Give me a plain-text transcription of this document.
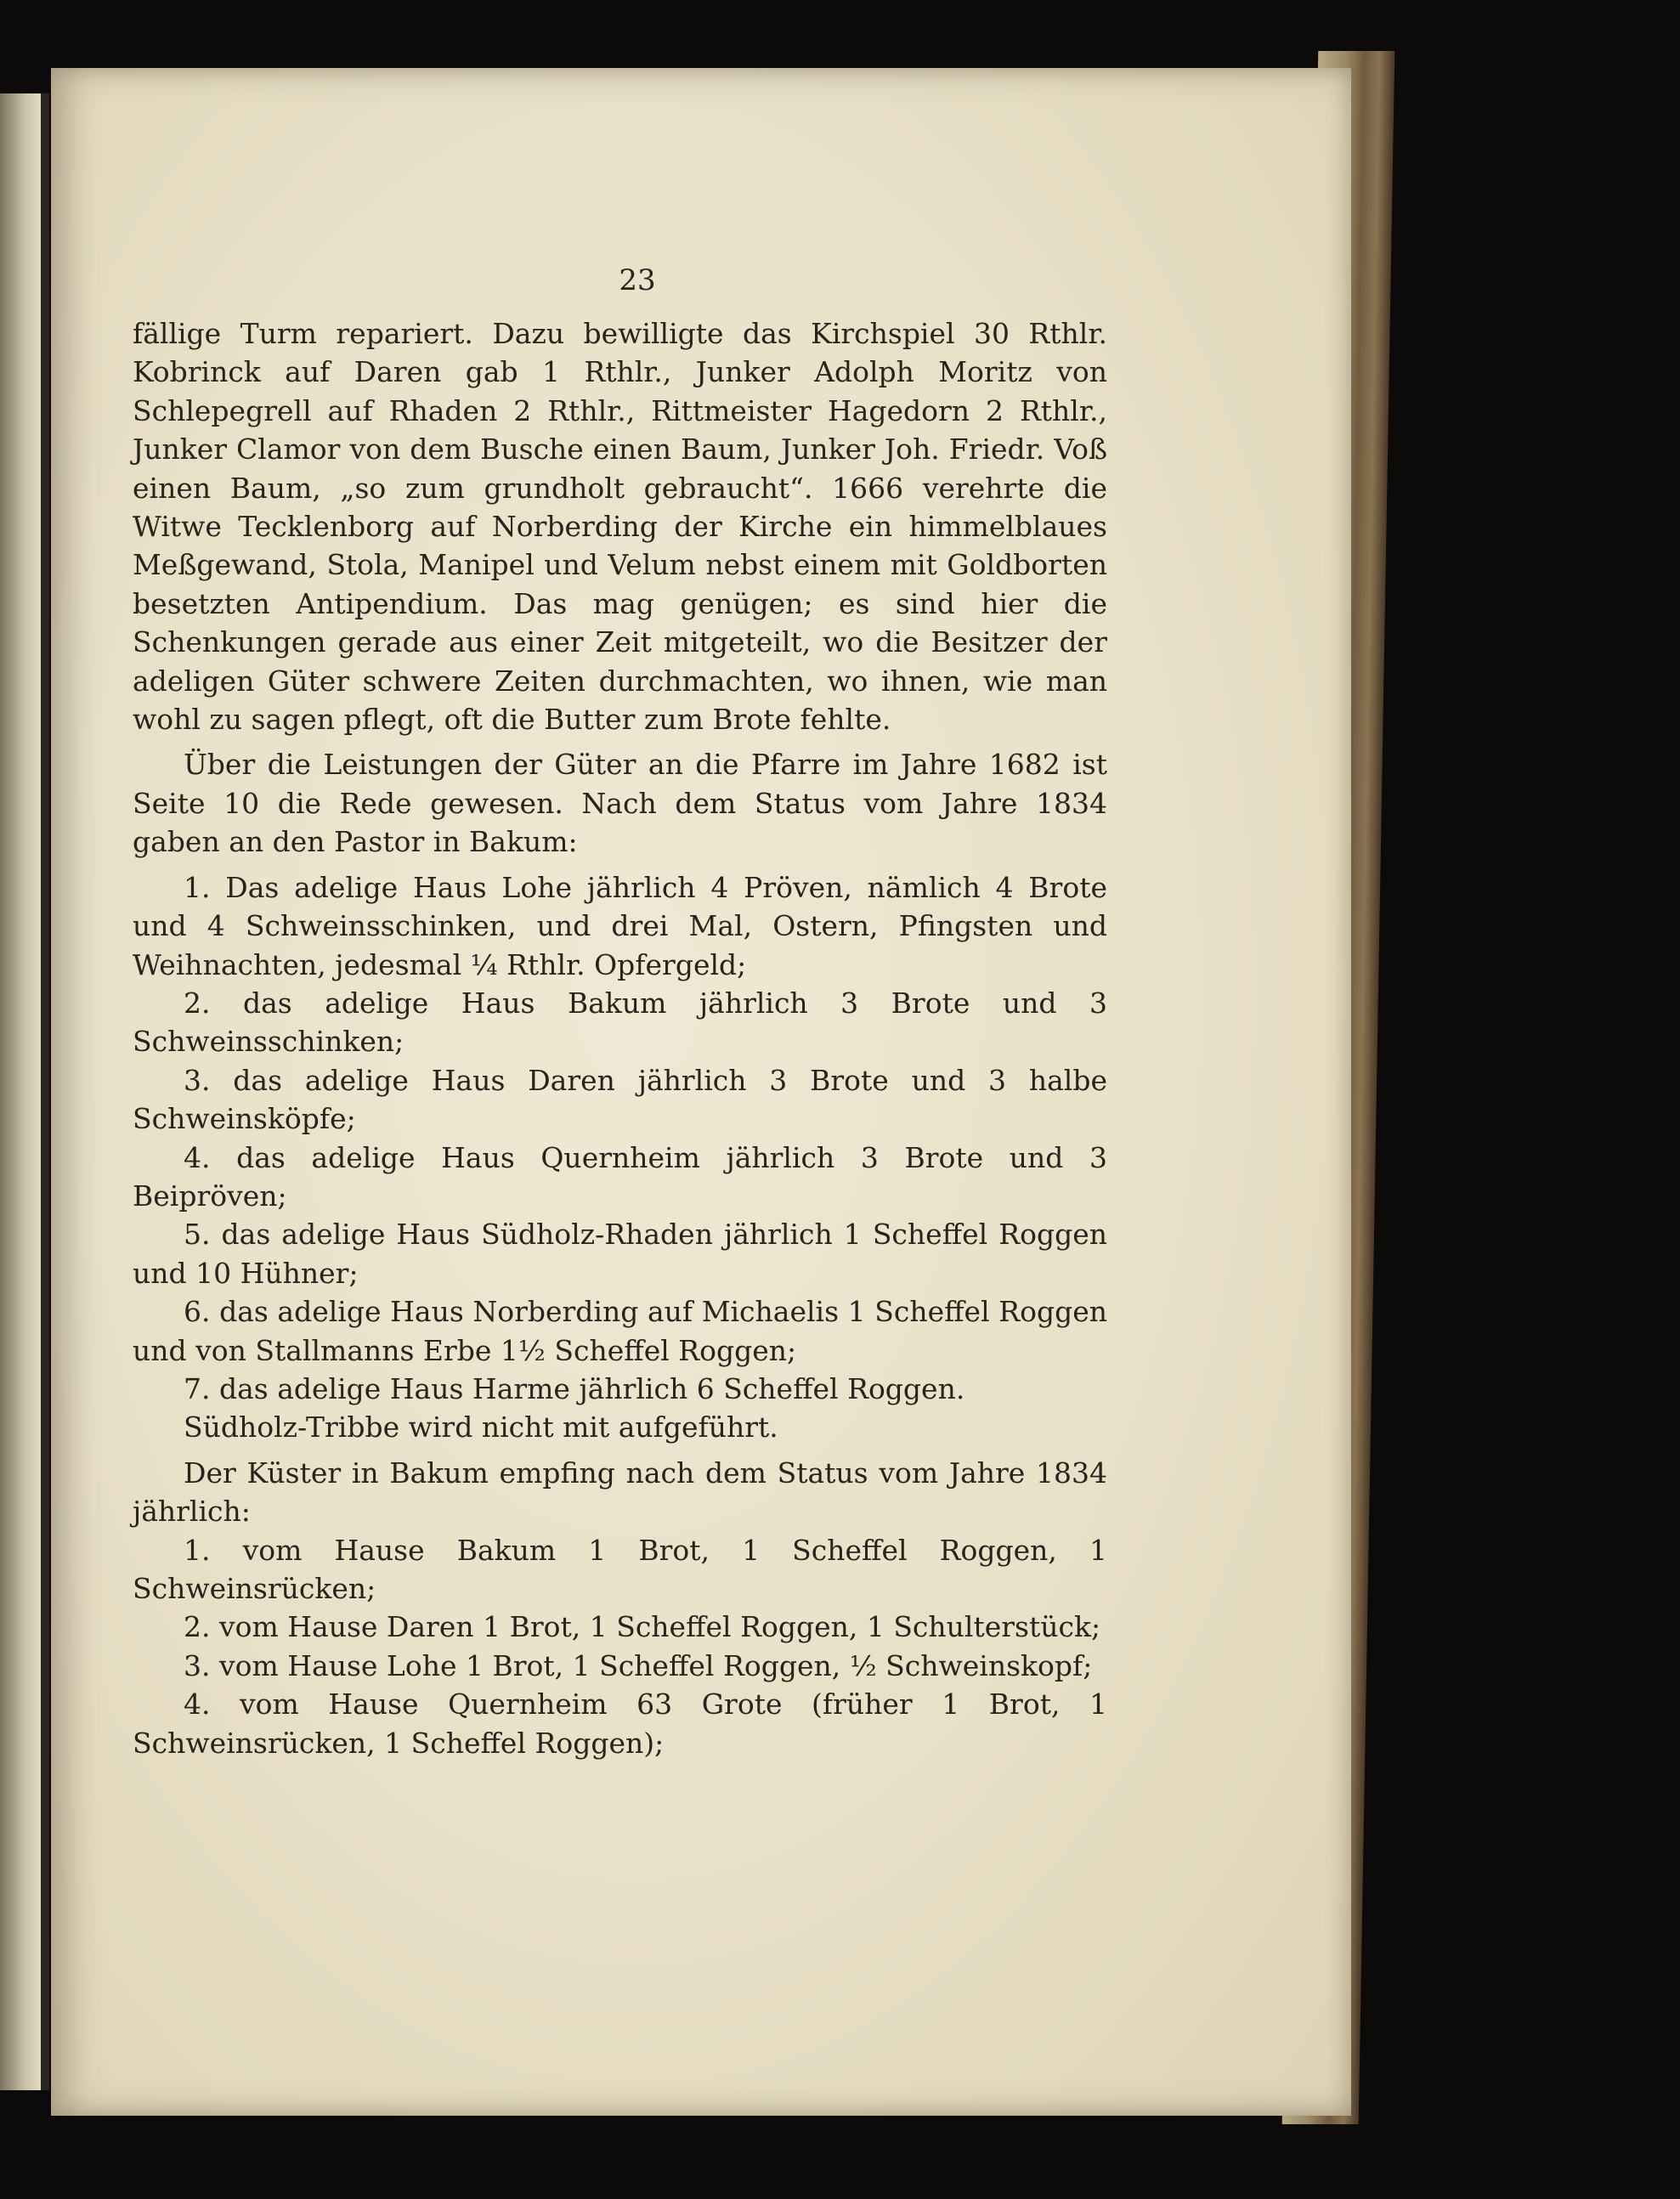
23

fällige Turm repariert. Dazu bewilligte das Kirchspiel 30 Rthlr. Kobrinck auf Daren gab 1 Rthlr., Junker Adolph Moritz von Schlepegrell auf Rhaden 2 Rthlr., Rittmeister Hagedorn 2 Rthlr., Junker Clamor von dem Busche einen Baum, Junker Joh. Friedr. Voß einen Baum, „so zum grundholt gebraucht“. 1666 verehrte die Witwe Tecklenborg auf Norberding der Kirche ein himmelblaues Meßgewand, Stola, Manipel und Velum nebst einem mit Goldborten besetzten Antipendium. Das mag genügen; es sind hier die Schenkungen gerade aus einer Zeit mitgeteilt, wo die Besitzer der adeligen Güter schwere Zeiten durchmachten, wo ihnen, wie man wohl zu sagen pflegt, oft die Butter zum Brote fehlte.

Über die Leistungen der Güter an die Pfarre im Jahre 1682 ist Seite 10 die Rede gewesen. Nach dem Status vom Jahre 1834 gaben an den Pastor in Bakum:

1. Das adelige Haus Lohe jährlich 4 Pröven, nämlich 4 Brote und 4 Schweinsschinken, und drei Mal, Ostern, Pfingsten und Weihnachten, jedesmal ¼ Rthlr. Opfergeld;

2. das adelige Haus Bakum jährlich 3 Brote und 3 Schweinsschinken;

3. das adelige Haus Daren jährlich 3 Brote und 3 halbe Schweinsköpfe;

4. das adelige Haus Quernheim jährlich 3 Brote und 3 Beipröven;

5. das adelige Haus Südholz-Rhaden jährlich 1 Scheffel Roggen und 10 Hühner;

6. das adelige Haus Norberding auf Michaelis 1 Scheffel Roggen und von Stallmanns Erbe 1½ Scheffel Roggen;

7. das adelige Haus Harme jährlich 6 Scheffel Roggen.

Südholz-Tribbe wird nicht mit aufgeführt.

Der Küster in Bakum empfing nach dem Status vom Jahre 1834 jährlich:

1. vom Hause Bakum 1 Brot, 1 Scheffel Roggen, 1 Schweinsrücken;

2. vom Hause Daren 1 Brot, 1 Scheffel Roggen, 1 Schulterstück;

3. vom Hause Lohe 1 Brot, 1 Scheffel Roggen, ½ Schweinskopf;

4. vom Hause Quernheim 63 Grote (früher 1 Brot, 1 Schweinsrücken, 1 Scheffel Roggen);
